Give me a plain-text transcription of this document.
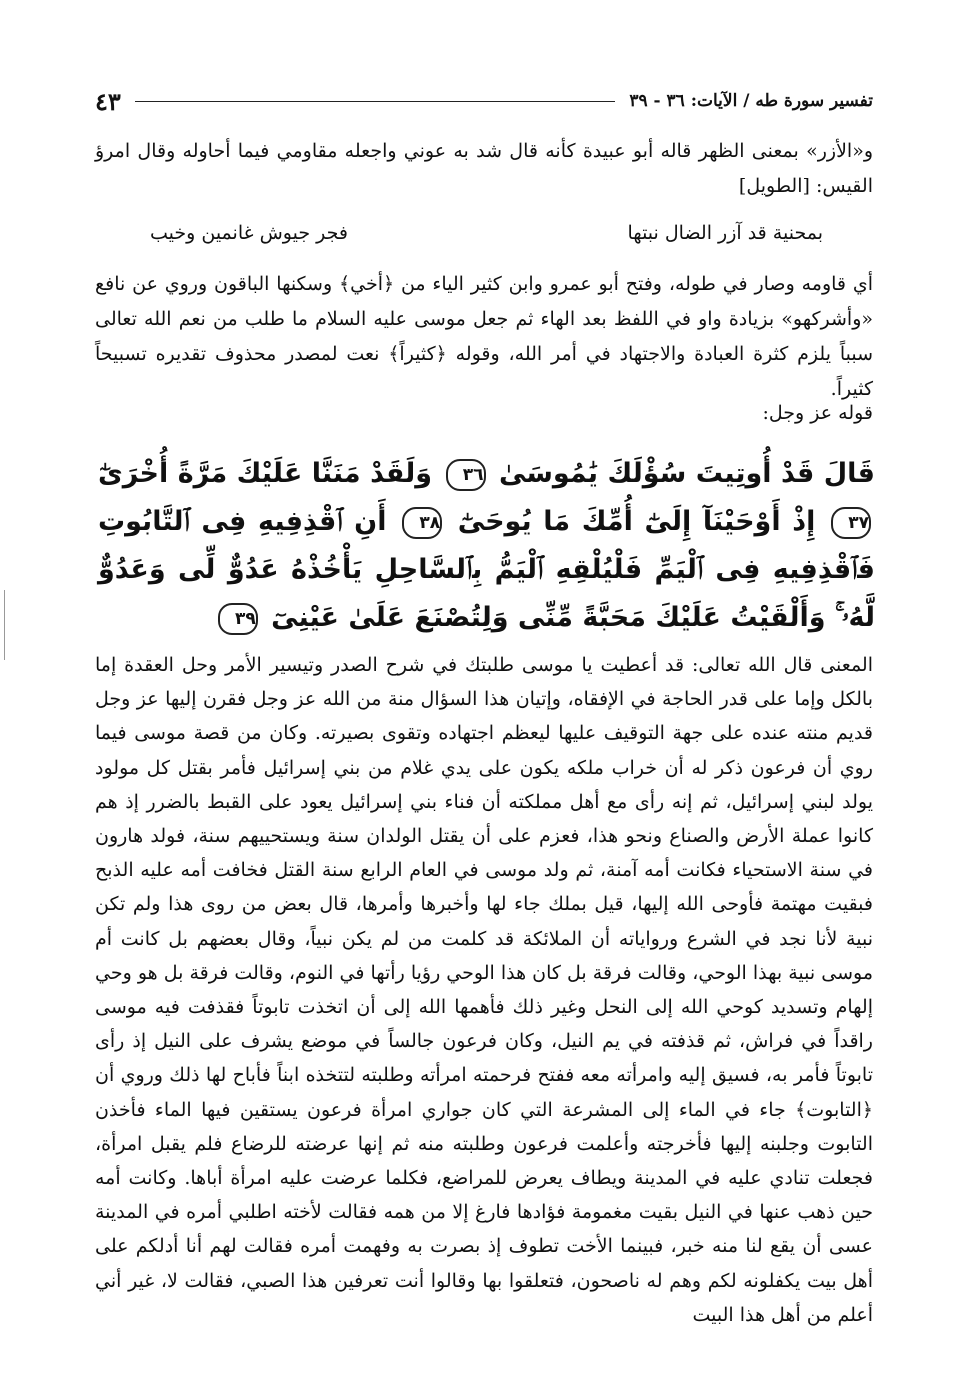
تفسير سورة طه / الآيات: ٣٦ - ٣٩
٤٣
و«الأزر» بمعنى الظهر قاله أبو عبيدة كأنه قال شد به عوني واجعله مقاومي فيما أحاوله وقال امرؤ القيس: [الطويل]
بمحنية قد آزر الضال نبتها
فجر جيوش غانمين وخيب
أي قاومه وصار في طوله، وفتح أبو عمرو وابن كثير الياء من ﴿أخي﴾ وسكنها الباقون وروي عن نافع «وأشركهو» بزيادة واو في اللفظ بعد الهاء ثم جعل موسى عليه السلام ما طلب من نعم الله تعالى سبباً يلزم كثرة العبادة والاجتهاد في أمر الله، وقوله ﴿كثيراً﴾ نعت لمصدر محذوف تقديره تسبيحاً كثيراً.
قوله عز وجل:
قَالَ قَدْ أُوتِيتَ سُؤْلَكَ يَٰمُوسَىٰ ٣٦ وَلَقَدْ مَنَنَّا عَلَيْكَ مَرَّةً أُخْرَىٰٓ ٣٧ إِذْ أَوْحَيْنَآ إِلَىٰٓ أُمِّكَ مَا يُوحَىٰٓ ٣٨ أَنِ ٱقْذِفِيهِ فِى ٱلتَّابُوتِ فَٱقْذِفِيهِ فِى ٱلْيَمِّ فَلْيُلْقِهِ ٱلْيَمُّ بِٱلسَّاحِلِ يَأْخُذْهُ عَدُوٌّ لِّى وَعَدُوٌّ لَّهُۥ ۚ وَأَلْقَيْتُ عَلَيْكَ مَحَبَّةً مِّنِّى وَلِتُصْنَعَ عَلَىٰ عَيْنِىٓ ٣٩
المعنى قال الله تعالى: قد أعطيت يا موسى طلبتك في شرح الصدر وتيسير الأمر وحل العقدة إما بالكل وإما على قدر الحاجة في الإفقاه، وإتيان هذا السؤال منة من الله عز وجل فقرن إليها عز وجل قديم منته عنده على جهة التوقيف عليها ليعظم اجتهاده وتقوى بصيرته. وكان من قصة موسى فيما روي أن فرعون ذكر له أن خراب ملكه يكون على يدي غلام من بني إسرائيل فأمر بقتل كل مولود يولد لبني إسرائيل، ثم إنه رأى مع أهل مملكته أن فناء بني إسرائيل يعود على القبط بالضرر إذ هم كانوا عملة الأرض والصناع ونحو هذا، فعزم على أن يقتل الولدان سنة ويستحييهم سنة، فولد هارون في سنة الاستحياء فكانت أمه آمنة، ثم ولد موسى في العام الرابع سنة القتل فخافت أمه عليه الذبح فبقيت مهتمة فأوحى الله إليها، قيل بملك جاء لها وأخبرها وأمرها، قال بعض من روى هذا ولم تكن نبية لأنا نجد في الشرع ورواياته أن الملائكة قد كلمت من لم يكن نبياً، وقال بعضهم بل كانت أم موسى نبية بهذا الوحي، وقالت فرقة بل كان هذا الوحي رؤيا رأتها في النوم، وقالت فرقة بل هو وحي إلهام وتسديد كوحي الله إلى النحل وغير ذلك فأهمها الله إلى أن اتخذت تابوتاً فقذفت فيه موسى راقداً في فراش، ثم قذفته في يم النيل، وكان فرعون جالساً في موضع يشرف على النيل إذ رأى تابوتاً فأمر به، فسيق إليه وامرأته معه ففتح فرحمته امرأته وطلبته لتتخذه ابناً فأباح لها ذلك وروي أن ﴿التابوت﴾ جاء في الماء إلى المشرعة التي كان جواري امرأة فرعون يستقين فيها الماء فأخذن التابوت وجلبنه إليها فأخرجته وأعلمت فرعون وطلبته منه ثم إنها عرضته للرضاع فلم يقبل امرأة، فجعلت تنادي عليه في المدينة ويطاف يعرض للمراضع، فكلما عرضت عليه امرأة أباها. وكانت أمه حين ذهب عنها في النيل بقيت مغمومة فؤادها فارغ إلا من همه فقالت لأخته اطلبي أمره في المدينة عسى أن يقع لنا منه خبر، فبينما الأخت تطوف إذ بصرت به وفهمت أمره فقالت لهم أنا أدلكم على أهل بيت يكفلونه لكم وهم له ناصحون، فتعلقوا بها وقالوا أنت تعرفين هذا الصبي، فقالت لا، غير أني أعلم من أهل هذا البيت
